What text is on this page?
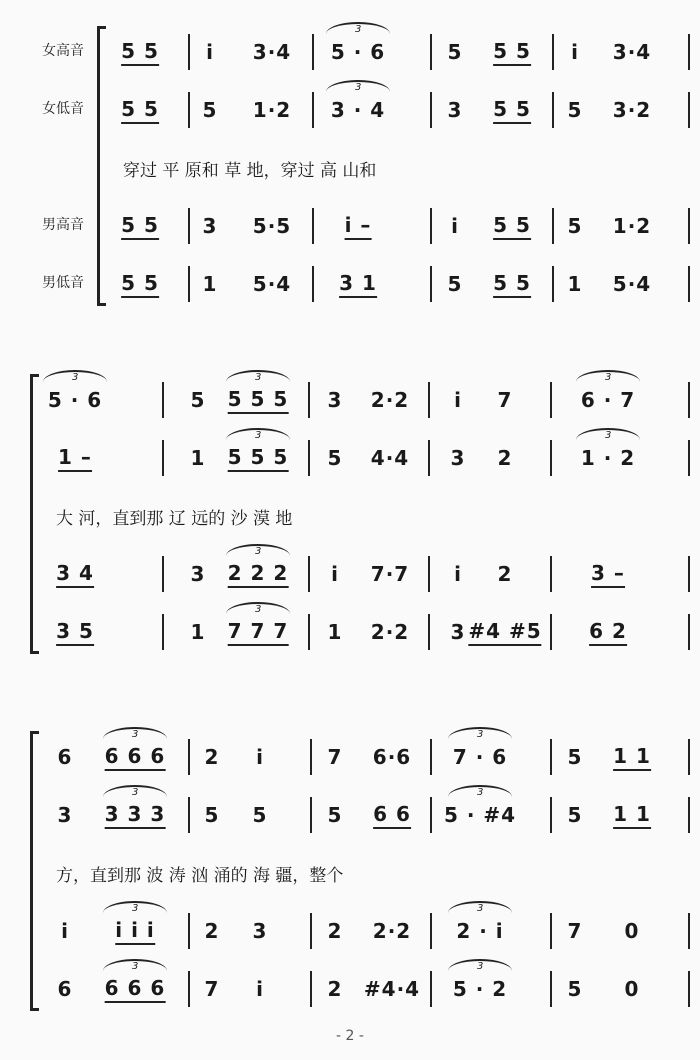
女高音 5 5 i 3·4 5 · 6
3
5 5 5 i 3·4
女低音 5 5 5 1·2 3 · 4
3
3 5 5 5 3·2
穿过 平 原和 草 地，穿过 高 山和
男高音 5 5 3 5·5	i –	i 5 5 5 1·2
男低音 5 5 1 5·4 3 1	5 5 5 1 5·4
5 · 6
3
5 5 5 5
3
3 2·2 i 7	6 · 7
3
1 –	1 5 5 5
3
5 4·4 3 2	1 · 2
3
大 河，直到那 辽 远的 沙 漠 地
3 4	3 2 2 2
3
i 7·7 i 2	3 –
3 5	1 7 7 7
3
1 2·2 3 #4 #5 6 2
6 6 6 6
3
2 i	7 6·6 7 · 6
3
5 1 1
3 3 3 3
3
5 5	5 6 6 5 · #4
3
5 1 1
方，直到那 波 涛 汹 涌的 海 疆，整个
i i i i
3
2 3	2 2·2 2 · i
3
7 0
6 6 6 6
3
7 i	2 #4·4 5 · 2
3
5 0
- 2 -
